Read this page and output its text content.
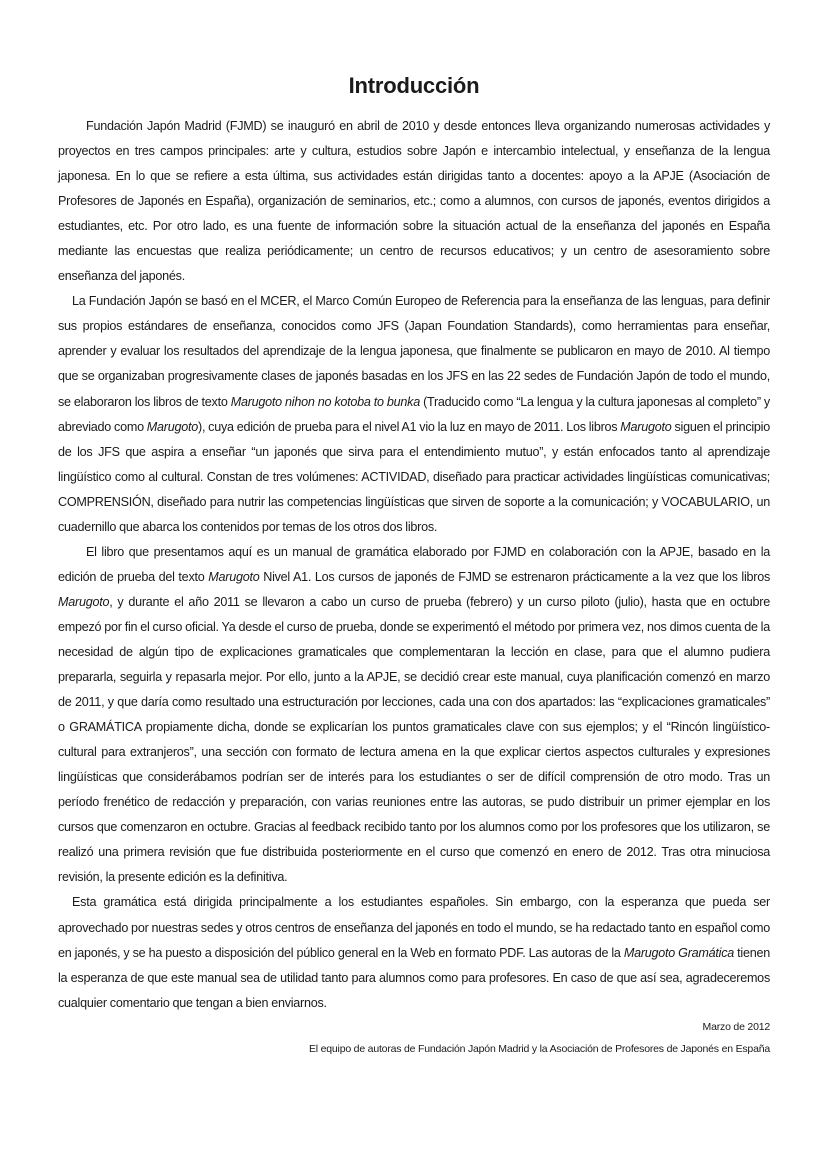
Introducción

Fundación Japón Madrid (FJMD) se inauguró en abril de 2010 y desde entonces lleva organizando numerosas actividades y proyectos en tres campos principales: arte y cultura, estudios sobre Japón e intercambio intelectual, y enseñanza de la lengua japonesa. En lo que se refiere a esta última, sus actividades están dirigidas tanto a docentes: apoyo a la APJE (Asociación de Profesores de Japonés en España), organización de seminarios, etc.; como a alumnos, con cursos de japonés, eventos dirigidos a estudiantes, etc. Por otro lado, es una fuente de información sobre la situación actual de la enseñanza del japonés en España mediante las encuestas que realiza periódicamente; un centro de recursos educativos; y un centro de asesoramiento sobre enseñanza del japonés.

La Fundación Japón se basó en el MCER, el Marco Común Europeo de Referencia para la enseñanza de las lenguas, para definir sus propios estándares de enseñanza, conocidos como JFS (Japan Foundation Standards), como herramientas para enseñar, aprender y evaluar los resultados del aprendizaje de la lengua japonesa, que finalmente se publicaron en mayo de 2010. Al tiempo que se organizaban progresivamente clases de japonés basadas en los JFS en las 22 sedes de Fundación Japón de todo el mundo, se elaboraron los libros de texto Marugoto nihon no kotoba to bunka (Traducido como “La lengua y la cultura japonesas al completo” y abreviado como Marugoto), cuya edición de prueba para el nivel A1 vio la luz en mayo de 2011. Los libros Marugoto siguen el principio de los JFS que aspira a enseñar “un japonés que sirva para el entendimiento mutuo”, y están enfocados tanto al aprendizaje lingüístico como al cultural. Constan de tres volúmenes: ACTIVIDAD, diseñado para practicar actividades lingüísticas comunicativas; COMPRENSIÓN, diseñado para nutrir las competencias lingüísticas que sirven de soporte a la comunicación; y VOCABULARIO, un cuadernillo que abarca los contenidos por temas de los otros dos libros.

El libro que presentamos aquí es un manual de gramática elaborado por FJMD en colaboración con la APJE, basado en la edición de prueba del texto Marugoto Nivel A1. Los cursos de japonés de FJMD se estrenaron prácticamente a la vez que los libros Marugoto, y durante el año 2011 se llevaron a cabo un curso de prueba (febrero) y un curso piloto (julio), hasta que en octubre empezó por fin el curso oficial. Ya desde el curso de prueba, donde se experimentó el método por primera vez, nos dimos cuenta de la necesidad de algún tipo de explicaciones gramaticales que complementaran la lección en clase, para que el alumno pudiera prepararla, seguirla y repasarla mejor. Por ello, junto a la APJE, se decidió crear este manual, cuya planificación comenzó en marzo de 2011, y que daría como resultado una estructuración por lecciones, cada una con dos apartados: las “explicaciones gramaticales” o GRAMÁTICA propiamente dicha, donde se explicarían los puntos gramaticales clave con sus ejemplos; y el “Rincón lingüístico-cultural para extranjeros”, una sección con formato de lectura amena en la que explicar ciertos aspectos culturales y expresiones lingüísticas que considerábamos podrían ser de interés para los estudiantes o ser de difícil comprensión de otro modo. Tras un período frenético de redacción y preparación, con varias reuniones entre las autoras, se pudo distribuir un primer ejemplar en los cursos que comenzaron en octubre. Gracias al feedback recibido tanto por los alumnos como por los profesores que los utilizaron, se realizó una primera revisión que fue distribuida posteriormente en el curso que comenzó en enero de 2012. Tras otra minuciosa revisión, la presente edición es la definitiva.

Esta gramática está dirigida principalmente a los estudiantes españoles. Sin embargo, con la esperanza que pueda ser aprovechado por nuestras sedes y otros centros de enseñanza del japonés en todo el mundo, se ha redactado tanto en español como en japonés, y se ha puesto a disposición del público general en la Web en formato PDF. Las autoras de la Marugoto Gramática tienen la esperanza de que este manual sea de utilidad tanto para alumnos como para profesores. En caso de que así sea, agradeceremos cualquier comentario que tengan a bien enviarnos.

Marzo de 2012

El equipo de autoras de Fundación Japón Madrid y la Asociación de Profesores de Japonés en España
